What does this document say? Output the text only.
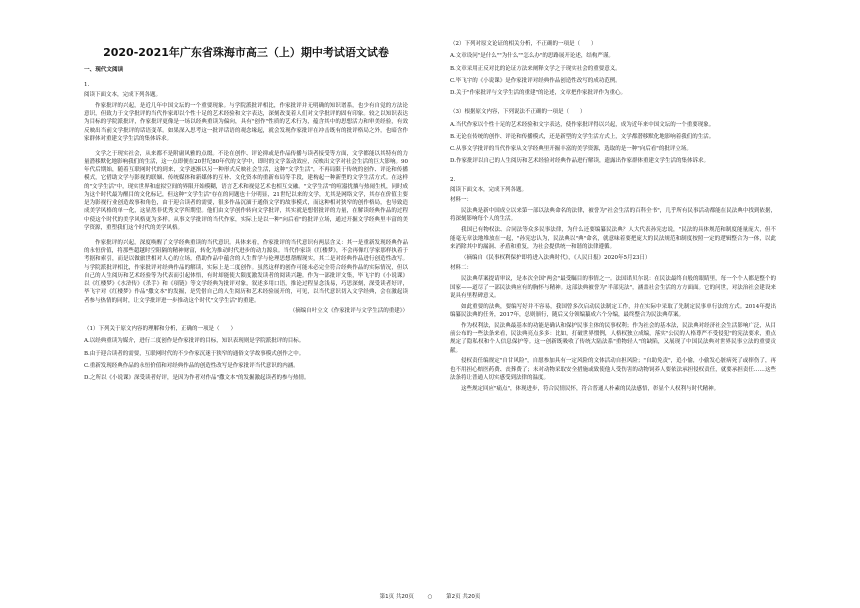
2020-2021年广东省珠海市高三（上）期中考试语文试卷
一、现代文阅读
1.

阅读下面文本，完成下列各题。

作家批评的兴起，是近几年中国文坛的一个重要现象。与学院派批评相比，作家批评并无明确的知识谱系，也少有自觉的方法论意识，但致力于文学批评的当代作家却以个性十足的艺术经验和文字表达，深刻改变着人们对文学批评的固有印象。较之以知识表达为目标的学院派批评，作家批评更像是一场以经典重读为偏向，具有"创作"性质的艺术行为，蕴含其中的思想活力和审美经验，有效反映出当前文学批评的话语变革。如果深入思考这一批评话语的观念缘起，就会发现作家批评在冲击既有的批评格局之外，也暗含作家群体对重建文学生活的集体诉求。

文学之于现实社会，从来都不是附庸风雅的点缀。不论在创作、评论抑或是作品传播与读者接受等方面，文学都能以其特有的力量潜移默化地影响我们的生活，这一点即便在20世纪80年代的文学中，即时的文学轰动效应，反映出文学对社会生活的巨大影响。90年代后期始，随着互联网时代的到来，文学逐渐以另一种形式反映社会生活，这种"文学生活"，不再局限于传统的创作、评论和传播模式，它借助文学与影视的联姻、传统媒体和新媒体的互补、文化资本的重新布局等手段，建构起一种新型的文学生活方式。在这样的"文学生活"中，现实世界和虚拟空间的界限开始模糊，语言艺术和视觉艺术也相互交融。"文学生活"的喧嚣扰攘与热闹生机，同时成为这个时代最为醒目的文化标记，但这种"文学生活"存在的问题也十分明显，21世纪以来的文学，尤其是网络文学，其存在价值主要是为影视行业创造故事和角色，由于迎合读者的需要，很多作品沉湎于通俗文学的故事模式，而这种相对狭窄的创作格局，也导致造成美学风格的单一化，这显然非优秀文学所期望。他们由文学创作转向文学批评，其实就是想借批评的力量，在解读经典作品的过程中使这个时代的美学风格更为多样。从事文学批评的当代作家，实际上是以一种"向后看"的批评立场，通过开掘文学经典里丰富的美学资源，重塑我们这个时代的美学风格。

作家批评的兴起，深度唤醒了文学经典重读的当代意识。具体来看，作家批评的当代意识有两层含义：其一是重新发现经典作品的永恒价值，将那些超越时空阻隔的精神财富，转化为推动时代进步的动力源泉。当代作家读《红楼梦》，不会再像红学家那样执着于考据和索引，而是以做旅世相对人心的立场，借助作品中蕴含的人生哲学与伦理思想帮醒现实，其二是对经典作品进行创造性改写。与学院派批评相比，作家批评对经典作品的解读，实际上是二度创作。虽然这样的创作可能未必完全符合经典作品的实际情况，但以自己的人生阅历和艺术经验等为代表而引起体悟，有时却能使大限度激发读者的阅读兴趣。作为一部批评文集，毕飞宇的《小说课》以《红楼梦》《水浒传》《杀手》和《项链》等文学经典为批评对象，叙述多用口语，推论过程显念浅易，巧思深刻，深受读者好评，毕飞宇对《红楼梦》作品"撒文本"的发掘，是凭借自己的人生阅历和艺术经验展开的，可见，以当代意识切入文学经典，会在激起读者参与热情的同时，让文学批评进一步推动这个时代"文学生活"的重建。

（摘编自叶立文《作家批评与文学生活的重建》）

（1）下列关于原文内容的理解和分析，正确的一项是（　　）
A.以经典重读为媒介，进行二度创作是作家批评的目标，知识表现则是学院派批评的目标。
B.由于迎合读者的需要，互联网时代的不少作家沉迷于狭窄的通俗文学故事模式创作之中。
C.重新发现经典作品的永恒价值和对经典作品的创造性改写是作家批评当代意识的内涵。
D.之所以《小说课》深受读者好评，是因为作者对作品"撒文本"的发掘激起读者的参与热情。
（2）下列对原文论证的相关分析，不正确的一项是（　　）
A.文章设问"是什么""为什么""怎么办"的思路展开论述，结构严谨。
B.文章采用正反对比的论证方法来阐释文学之于现实社会的重要意义。
C.毕飞宇的《小说课》是作家批评对经典作品创造性改写的成功范例。
D.关于"作家批评与文学生活的重建"的论述，文章把作家批评作为重心。
（3）根据原文内容，下列说法不正确的一项是（　　）
A.当代作家以个性十足的艺术经验和文字表达，使作家批评得以兴起，成为近年来中国文坛的一个重要现象。
B.无论在传统的创作、评论和传播模式，还是新型的文学生活方式上，文学都潜移默化地影响着我们的生活。
C.从事文学批评的当代作家从文学经典里开掘丰富的美学资源，选取的是一种"向后看"的批评立场。
D.作家批评以自己的人生阅历和艺术经验对经典作品进行解读，遗露出作家群体重建文学生活的集体诉求。
2.

阅读下面文本，完成下列各题。

材料一：

民法典是新中国成立以来第一部以法典命名的法律，被誉为"社会生活的百科全书"，几乎所有民事活动都能在民法典中找到依据，将深刻影响每个人的生活。

我国已有物权法、合同法等众多民事法律，为什么还要编纂民法典？人大代表孙宪忠说，"民法的具体规范和制度能量庞大，但不能毫无章法地堆放在一起，"孙宪忠认为，民法典以"典"命名，就意味着要把庞大的民法规范和制度按照一定的逻辑整合为一体，以此来消除其中的漏洞、矛盾和重复，为社会提供统一和谐的法律遵循。

（摘编自《民事权利保护即将进入法典时代》，《人民日报》2020年5月23日）

材料二：

民法典草案提请审议，是本次全国"两会"最受瞩目的事情之一。法国诺贝尔说：在民法最终自般的眼睛里，每一个个人都是整个的国家——道尽了一部民法典应有的胸怀与精神。这部法典被誉为"半部宪法"，涵盖社会生活的方方面面。它的问世，对法治社会建设来说具有里程碑意义。

如此重要的法典，要编写好并不容易，我国曾多次启动民法制定工作，并在实际中采取了先制定民事单行法的方式。2014年提出编纂民法典的任务，2017年，总则颁行，随后又分领编纂成六个分编，最终整合为民法典草案。

作为权利法，民法典最基本的功能是确认和保护民事主体的民事权利；作为社会的基本法，民法典对经济社会生活影响广泛，从目前公布的一些法条来看，民法典亮点多多：比如，打破世界惯例，人格权独立成编，落实"公民的人格尊严不受侵犯"的宪法要求，重点规定了隐私权和个人信息保护等。这一创新既吸收了传统大陆法系"重物轻人"的缺陷，又展现了中国民法典对世界民事立法的重要贡献。

侵权责任编规定"自甘风险"，自愿参加具有一定风险的文体活动自担风险；"自助免责"，追小偷，小偷发心脏病死了或摔伤了，再也不用担心赔医药费、丧葬费了；未对动物采取安全措施或致使他人受伤害的动物饲养人要依法承担侵权责任，就要承担责任……这些法条将让普通人切实感受到法律的温度。

这些规定回应"痛点"，体现进步，符合民情民怀，符合普通人朴素的民法感悟，彰显个人权利与时代精神。

第1页 共20页	○	第2页 共20页
